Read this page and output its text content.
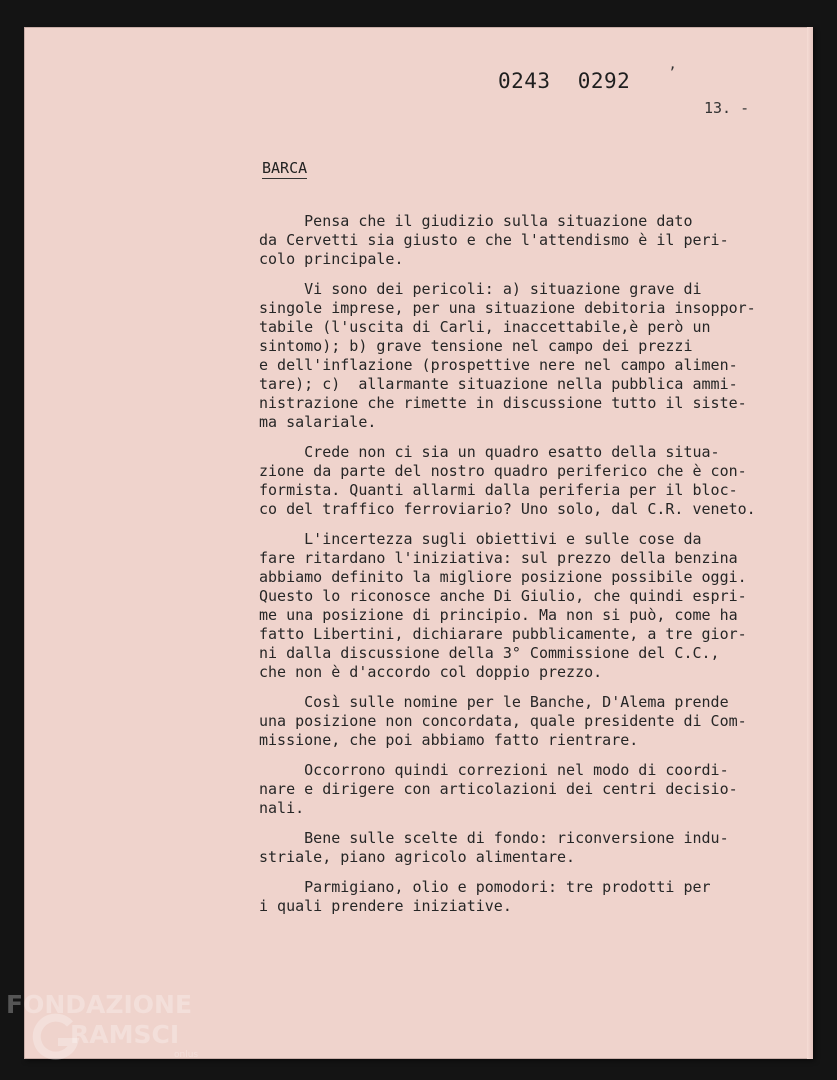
0243 0292	ʼ
13. -
BARCA
Pensa che il giudizio sulla situazione dato
da Cervetti sia giusto e che l'attendismo è il peri-
colo principale.
Vi sono dei pericoli: a) situazione grave di
singole imprese, per una situazione debitoria insoppor-
tabile (l'uscita di Carli, inaccettabile,è però un
sintomo); b) grave tensione nel campo dei prezzi
e dell'inflazione (prospettive nere nel campo alimen-
tare); c)  allarmante situazione nella pubblica ammi-
nistrazione che rimette in discussione tutto il siste-
ma salariale.
Crede non ci sia un quadro esatto della situa-
zione da parte del nostro quadro periferico che è con-
formista. Quanti allarmi dalla periferia per il bloc-
co del traffico ferroviario? Uno solo, dal C.R. veneto.
L'incertezza sugli obiettivi e sulle cose da
fare ritardano l'iniziativa: sul prezzo della benzina
abbiamo definito la migliore posizione possibile oggi.
Questo lo riconosce anche Di Giulio, che quindi espri-
me una posizione di principio. Ma non si può, come ha
fatto Libertini, dichiarare pubblicamente, a tre gior-
ni dalla discussione della 3° Commissione del C.C.,
che non è d'accordo col doppio prezzo.
Così sulle nomine per le Banche, D'Alema prende
una posizione non concordata, quale presidente di Com-
missione, che poi abbiamo fatto rientrare.
Occorrono quindi correzioni nel modo di coordi-
nare e dirigere con articolazioni dei centri decisio-
nali.
Bene sulle scelte di fondo: riconversione indu-
striale, piano agricolo alimentare.
Parmigiano, olio e pomodori: tre prodotti per
i quali prendere iniziative.
FONDAZIONE
RAMSCI
onlus
